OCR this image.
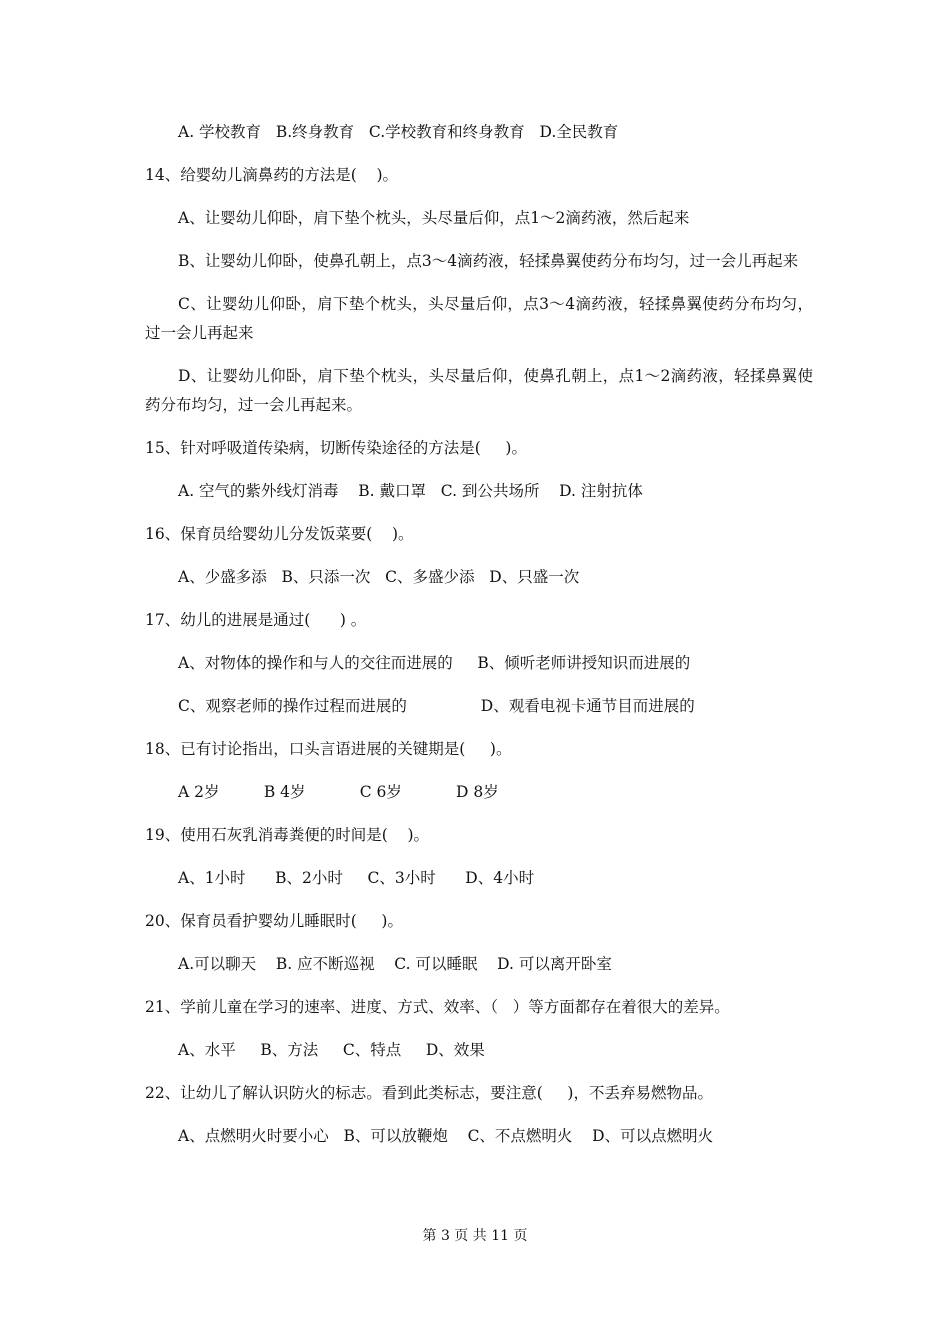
A. 学校教育   B.终身教育   C.学校教育和终身教育   D.全民教育
14、给婴幼儿滴鼻药的方法是(    )。
A、让婴幼儿仰卧，肩下垫个枕头，头尽量后仰，点1～2滴药液，然后起来
B、让婴幼儿仰卧，使鼻孔朝上，点3～4滴药液，轻揉鼻翼使药分布均匀，过一会儿再起来
C、让婴幼儿仰卧，肩下垫个枕头，头尽量后仰，点3～4滴药液，轻揉鼻翼使药分布均匀，过一会儿再起来
D、让婴幼儿仰卧，肩下垫个枕头，头尽量后仰，使鼻孔朝上，点1～2滴药液，轻揉鼻翼使药分布均匀，过一会儿再起来。
15、针对呼吸道传染病，切断传染途径的方法是(     )。
A. 空气的紫外线灯消毒    B. 戴口罩   C. 到公共场所    D. 注射抗体
16、保育员给婴幼儿分发饭菜要(    )。
A、少盛多添   B、只添一次   C、多盛少添   D、只盛一次
17、幼儿的进展是通过(      ) 。
A、对物体的操作和与人的交往而进展的     B、倾听老师讲授知识而进展的
C、观察老师的操作过程而进展的               D、观看电视卡通节目而进展的
18、已有讨论指出，口头言语进展的关键期是(     )。
A 2岁         B 4岁           C 6岁           D 8岁
19、使用石灰乳消毒粪便的时间是(    )。
A、1小时      B、2小时     C、3小时      D、4小时
20、保育员看护婴幼儿睡眠时(     )。
A.可以聊天    B. 应不断巡视    C. 可以睡眠    D. 可以离开卧室
21、学前儿童在学习的速率、进度、方式、效率、（   ）等方面都存在着很大的差异。
A、水平     B、方法     C、特点     D、效果
22、让幼儿了解认识防火的标志。看到此类标志，要注意(     )，不丢弃易燃物品。
A、点燃明火时要小心   B、可以放鞭炮    C、不点燃明火    D、可以点燃明火
第 3 页 共 11 页
